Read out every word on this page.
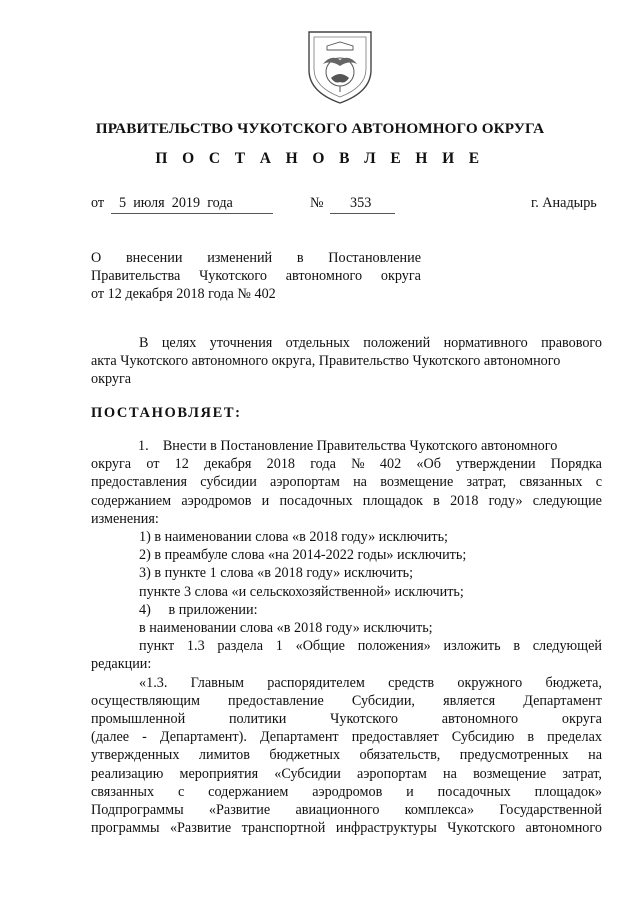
ПРАВИТЕЛЬСТВО ЧУКОТСКОГО АВТОНОМНОГО ОКРУГА
П О С Т А Н О В Л Е Н И Е
от 5  июля  2019  года	№ 353	г. Анадырь
О внесении изменений в Постановление
Правительства Чукотского автономного округа
от 12 декабря 2018 года № 402
В целях уточнения отдельных положений нормативного правового
акта Чукотского автономного округа, Правительство Чукотского автономного
округа
ПОСТАНОВЛЯЕТ:
1. Внести в Постановление Правительства Чукотского автономного
округа от 12 декабря 2018 года № 402 «Об утверждении Порядка
предоставления субсидии аэропортам на возмещение затрат, связанных с
содержанием аэродромов и посадочных площадок в 2018 году» следующие
изменения:
1) в наименовании слова «в 2018 году» исключить;
2) в преамбуле слова «на 2014-2022 годы» исключить;
3) в пункте 1 слова «в 2018 году» исключить;
пункте 3 слова «и сельскохозяйственной» исключить;
4)     в приложении:
в наименовании слова «в 2018 году» исключить;
пункт 1.3 раздела 1 «Общие положения» изложить в следующей
редакции:
«1.3. Главным распорядителем средств окружного бюджета,
осуществляющим предоставление Субсидии, является Департамент
промышленной	политики	Чукотского	автономного	округа
(далее - Департамент). Департамент предоставляет Субсидию в пределах
утвержденных лимитов бюджетных обязательств, предусмотренных на
реализацию мероприятия «Субсидии аэропортам на возмещение затрат,
связанных с содержанием аэродромов и посадочных площадок»
Подпрограммы «Развитие авиационного комплекса» Государственной
программы «Развитие транспортной инфраструктуры Чукотского автономного
